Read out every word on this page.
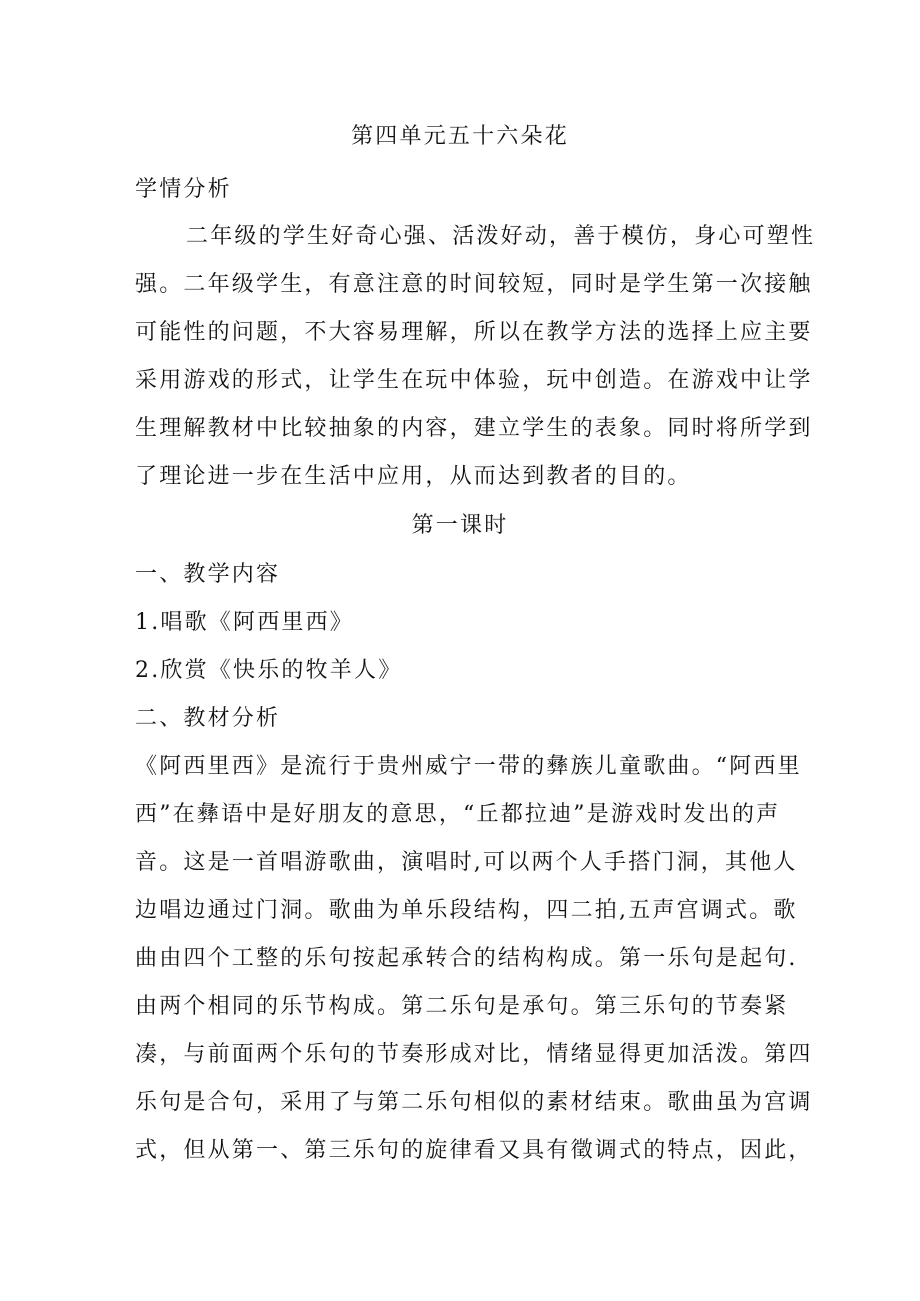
第四单元五十六朵花
学情分析
二年级的学生好奇心强、活泼好动，善于模仿，身心可塑性
强。二年级学生，有意注意的时间较短，同时是学生第一次接触
可能性的问题，不大容易理解，所以在教学方法的选择上应主要
采用游戏的形式，让学生在玩中体验，玩中创造。在游戏中让学
生理解教材中比较抽象的内容，建立学生的表象。同时将所学到
了理论进一步在生活中应用，从而达到教者的目的。
第一课时
一、教学内容
1.唱歌《阿西里西》
2.欣赏《快乐的牧羊人》
二、教材分析
《阿西里西》是流行于贵州威宁一带的彝族儿童歌曲。“阿西里
西”在彝语中是好朋友的意思，“丘都拉迪”是游戏时发出的声
音。这是一首唱游歌曲，演唱时,可以两个人手搭门洞，其他人
边唱边通过门洞。歌曲为单乐段结构，四二拍,五声宫调式。歌
曲由四个工整的乐句按起承转合的结构构成。第一乐句是起句.
由两个相同的乐节构成。第二乐句是承句。第三乐句的节奏紧
凑，与前面两个乐句的节奏形成对比，情绪显得更加活泼。第四
乐句是合句，采用了与第二乐句相似的素材结束。歌曲虽为宫调
式，但从第一、第三乐句的旋律看又具有徵调式的特点，因此，
